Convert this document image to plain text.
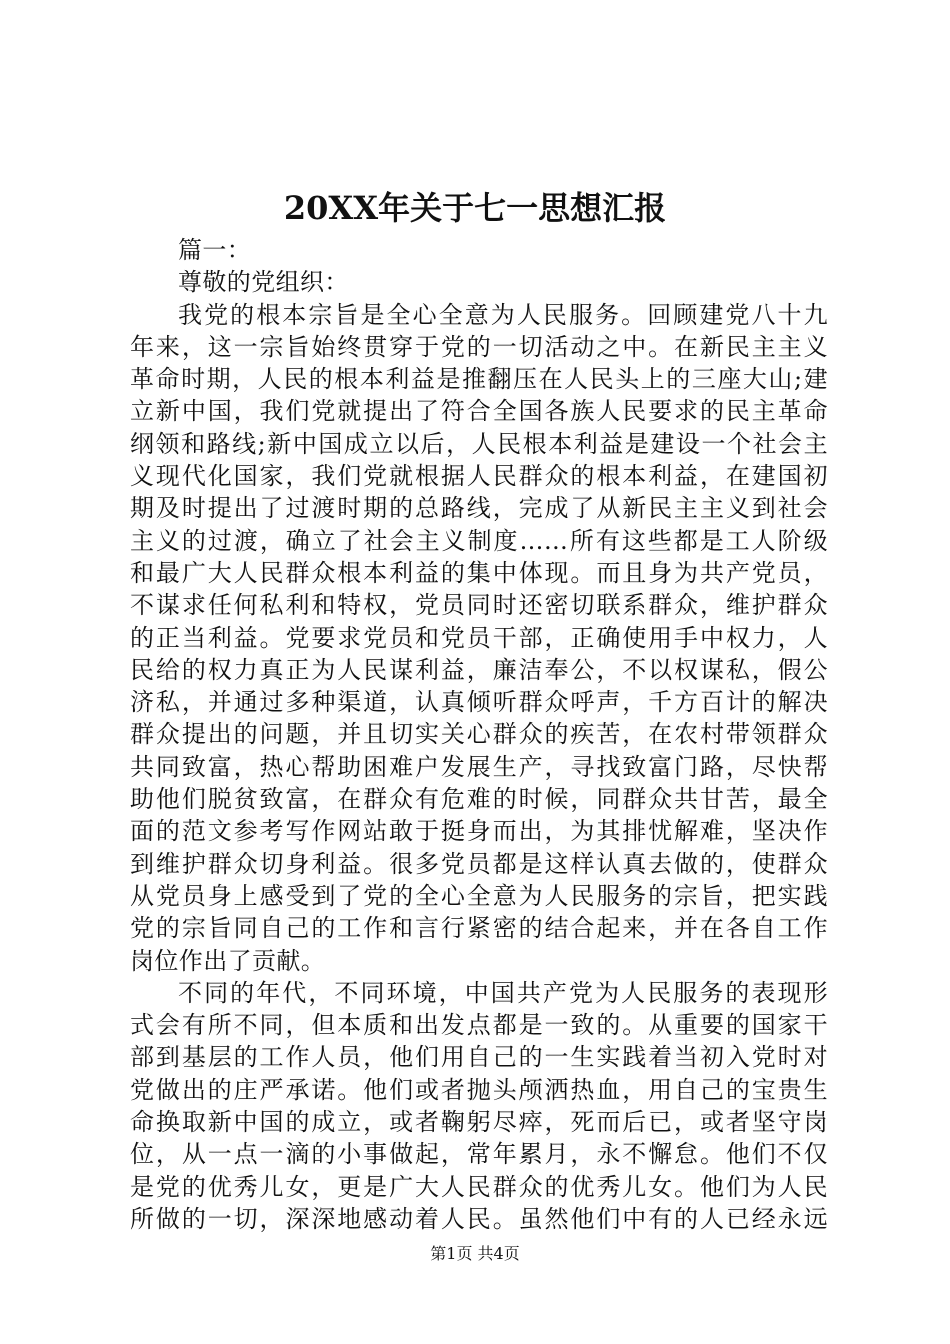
20XX年关于七一思想汇报
篇一：
尊敬的党组织：
我党的根本宗旨是全心全意为人民服务。回顾建党八十九
年来，这一宗旨始终贯穿于党的一切活动之中。在新民主主义
革命时期，人民的根本利益是推翻压在人民头上的三座大山;建
立新中国，我们党就提出了符合全国各族人民要求的民主革命
纲领和路线;新中国成立以后，人民根本利益是建设一个社会主
义现代化国家，我们党就根据人民群众的根本利益，在建国初
期及时提出了过渡时期的总路线，完成了从新民主主义到社会
主义的过渡，确立了社会主义制度……所有这些都是工人阶级
和最广大人民群众根本利益的集中体现。而且身为共产党员，
不谋求任何私利和特权，党员同时还密切联系群众，维护群众
的正当利益。党要求党员和党员干部，正确使用手中权力，人
民给的权力真正为人民谋利益，廉洁奉公，不以权谋私，假公
济私，并通过多种渠道，认真倾听群众呼声，千方百计的解决
群众提出的问题，并且切实关心群众的疾苦，在农村带领群众
共同致富，热心帮助困难户发展生产，寻找致富门路，尽快帮
助他们脱贫致富，在群众有危难的时候，同群众共甘苦，最全
面的范文参考写作网站敢于挺身而出，为其排忧解难，坚决作
到维护群众切身利益。很多党员都是这样认真去做的，使群众
从党员身上感受到了党的全心全意为人民服务的宗旨，把实践
党的宗旨同自己的工作和言行紧密的结合起来，并在各自工作
岗位作出了贡献。
不同的年代，不同环境，中国共产党为人民服务的表现形
式会有所不同，但本质和出发点都是一致的。从重要的国家干
部到基层的工作人员，他们用自己的一生实践着当初入党时对
党做出的庄严承诺。他们或者抛头颅洒热血，用自己的宝贵生
命换取新中国的成立，或者鞠躬尽瘁，死而后已，或者坚守岗
位，从一点一滴的小事做起，常年累月，永不懈怠。他们不仅
是党的优秀儿女，更是广大人民群众的优秀儿女。他们为人民
所做的一切，深深地感动着人民。虽然他们中有的人已经永远
第1页 共4页
